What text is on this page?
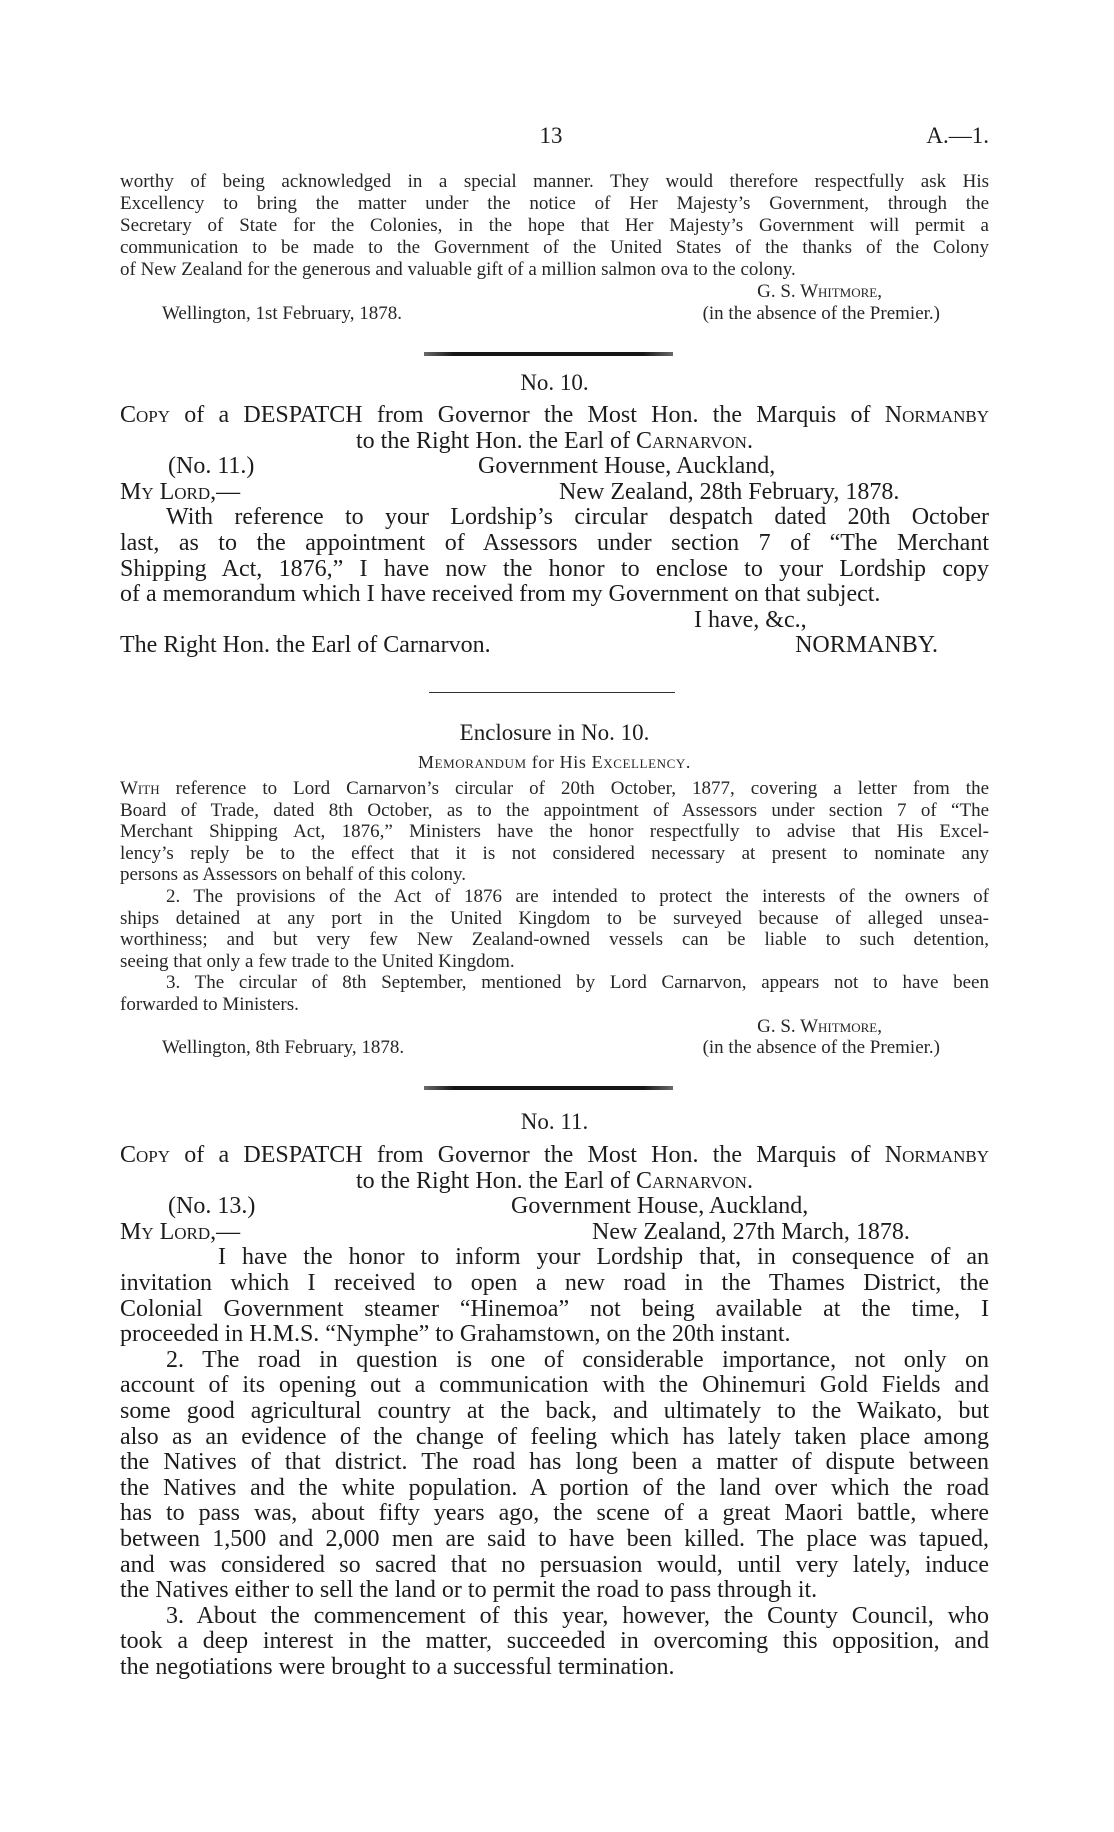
13	A.—1.
worthy of being acknowledged in a special manner. They would therefore respectfully ask His
Excellency to bring the matter under the notice of Her Majesty’s Government, through the
Secretary of State for the Colonies, in the hope that Her Majesty’s Government will permit a
communication to be made to the Government of the United States of the thanks of the Colony
of New Zealand for the generous and valuable gift of a million salmon ova to the colony.
G. S. Whitmore,
Wellington, 1st February, 1878.	(in the absence of the Premier.)
No. 10.
Copy of a DESPATCH from Governor the Most Hon. the Marquis of Normanby
to the Right Hon. the Earl of Carnarvon.
(No. 11.)	Government House, Auckland,
My Lord,—	New Zealand, 28th February, 1878.
With reference to your Lordship’s circular despatch dated 20th October
last, as to the appointment of Assessors under section 7 of “The Merchant
Shipping Act, 1876,” I have now the honor to enclose to your Lordship copy
of a memorandum which I have received from my Government on that subject.
I have, &c.,
The Right Hon. the Earl of Carnarvon.	NORMANBY.
Enclosure in No. 10.
Memorandum for His Excellency.
With reference to Lord Carnarvon’s circular of 20th October, 1877, covering a letter from the
Board of Trade, dated 8th October, as to the appointment of Assessors under section 7 of “The
Merchant Shipping Act, 1876,” Ministers have the honor respectfully to advise that His Excel-
lency’s reply be to the effect that it is not considered necessary at present to nominate any
persons as Assessors on behalf of this colony.
2. The provisions of the Act of 1876 are intended to protect the interests of the owners of
ships detained at any port in the United Kingdom to be surveyed because of alleged unsea-
worthiness; and but very few New Zealand-owned vessels can be liable to such detention,
seeing that only a few trade to the United Kingdom.
3. The circular of 8th September, mentioned by Lord Carnarvon, appears not to have been
forwarded to Ministers.
G. S. Whitmore,
Wellington, 8th February, 1878.	(in the absence of the Premier.)
No. 11.
Copy of a DESPATCH from Governor the Most Hon. the Marquis of Normanby
to the Right Hon. the Earl of Carnarvon.
(No. 13.)	Government House, Auckland,
My Lord,—	New Zealand, 27th March, 1878.
I have the honor to inform your Lordship that, in consequence of an
invitation which I received to open a new road in the Thames District, the
Colonial Government steamer “Hinemoa” not being available at the time, I
proceeded in H.M.S. “Nymphe” to Grahamstown, on the 20th instant.
2. The road in question is one of considerable importance, not only on
account of its opening out a communication with the Ohinemuri Gold Fields and
some good agricultural country at the back, and ultimately to the Waikato, but
also as an evidence of the change of feeling which has lately taken place among
the Natives of that district. The road has long been a matter of dispute between
the Natives and the white population. A portion of the land over which the road
has to pass was, about fifty years ago, the scene of a great Maori battle, where
between 1,500 and 2,000 men are said to have been killed. The place was tapued,
and was considered so sacred that no persuasion would, until very lately, induce
the Natives either to sell the land or to permit the road to pass through it.
3. About the commencement of this year, however, the County Council, who
took a deep interest in the matter, succeeded in overcoming this opposition, and
the negotiations were brought to a successful termination.
